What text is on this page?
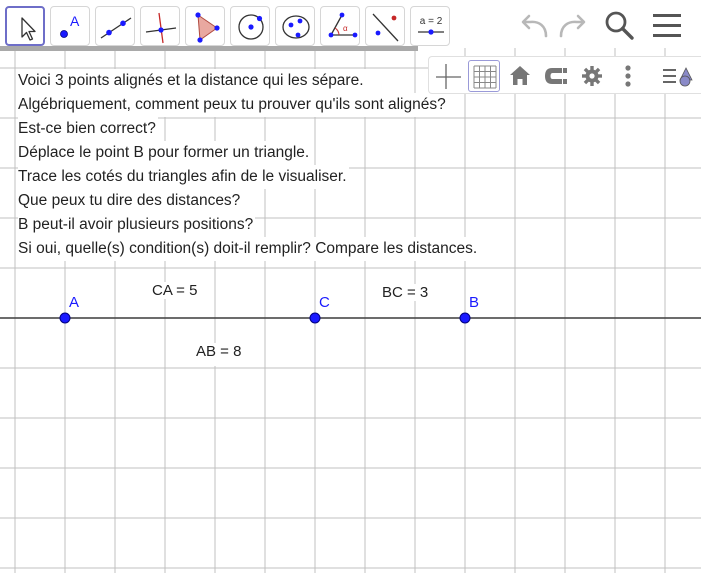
Voici 3 points alignés et la distance qui les sépare.
Algébriquement, comment peux tu prouver qu'ils sont alignés?
Est-ce bien correct?
Déplace le point B pour former un triangle.
Trace les cotés du triangles afin de le visualiser.
Que peux tu dire des distances?
B peut-il avoir plusieurs positions?
Si oui, quelle(s) condition(s) doit-il remplir? Compare les distances.
CA = 5	BC = 3
AB = 8
A	C	B
A	α
a = 2
